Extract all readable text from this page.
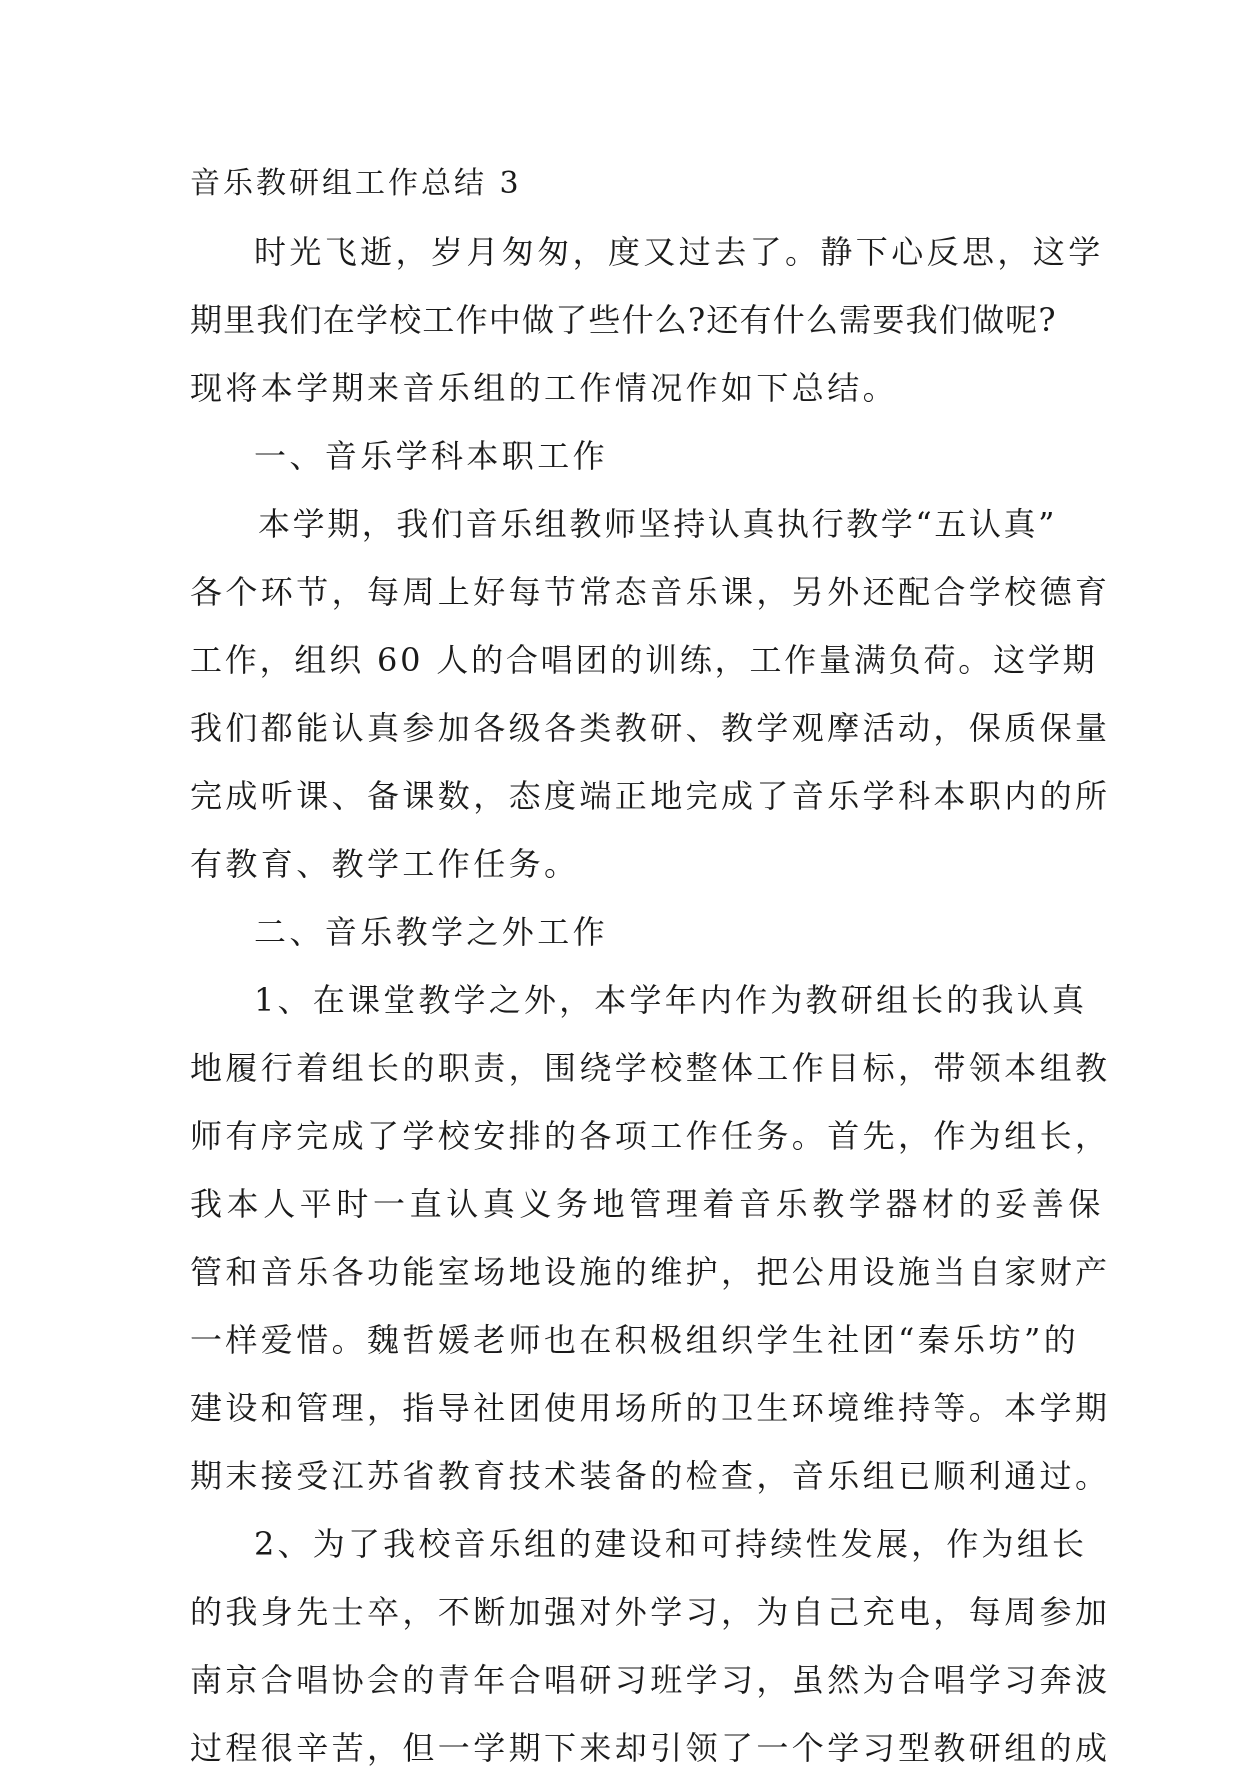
音乐教研组工作总结 3
时光飞逝，岁月匆匆，度又过去了。静下心反思，这学
期里我们在学校工作中做了些什么?还有什么需要我们做呢?
现将本学期来音乐组的工作情况作如下总结。
一、音乐学科本职工作
本学期，我们音乐组教师坚持认真执行教学“五认真”
各个环节，每周上好每节常态音乐课，另外还配合学校德育
工作，组织 60 人的合唱团的训练，工作量满负荷。这学期
我们都能认真参加各级各类教研、教学观摩活动，保质保量
完成听课、备课数，态度端正地完成了音乐学科本职内的所
有教育、教学工作任务。
二、音乐教学之外工作
1、在课堂教学之外，本学年内作为教研组长的我认真
地履行着组长的职责，围绕学校整体工作目标，带领本组教
师有序完成了学校安排的各项工作任务。首先，作为组长，
我本人平时一直认真义务地管理着音乐教学器材的妥善保
管和音乐各功能室场地设施的维护，把公用设施当自家财产
一样爱惜。魏哲媛老师也在积极组织学生社团“秦乐坊”的
建设和管理，指导社团使用场所的卫生环境维持等。本学期
期末接受江苏省教育技术装备的检查，音乐组已顺利通过。
2、为了我校音乐组的建设和可持续性发展，作为组长
的我身先士卒，不断加强对外学习，为自己充电，每周参加
南京合唱协会的青年合唱研习班学习，虽然为合唱学习奔波
过程很辛苦，但一学期下来却引领了一个学习型教研组的成
